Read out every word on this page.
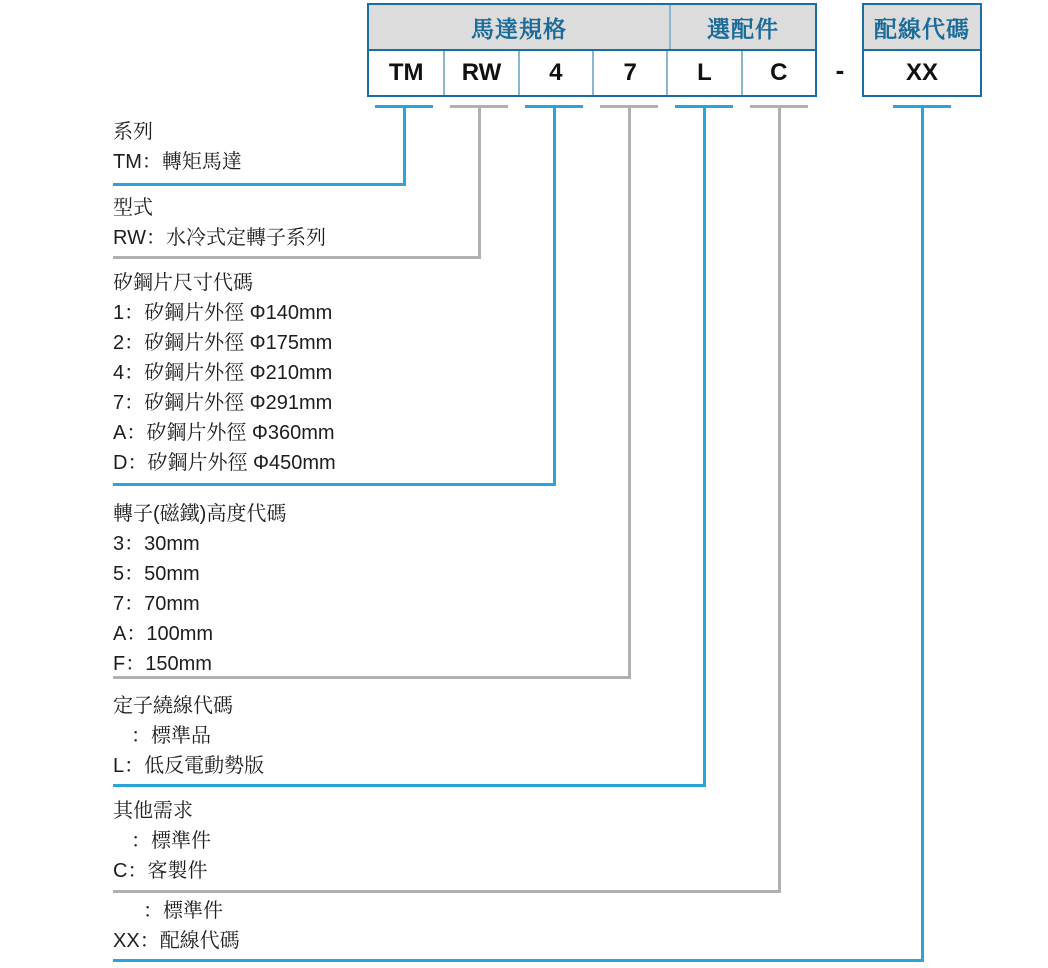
馬達規格	選配件
TM	RW	4	7	L	C	-
配線代碼
XX
系列
TM：轉矩馬達
型式
RW：水冷式定轉子系列
矽鋼片尺寸代碼
1：矽鋼片外徑 Φ140mm
2：矽鋼片外徑 Φ175mm
4：矽鋼片外徑 Φ210mm
7：矽鋼片外徑 Φ291mm
A：矽鋼片外徑 Φ360mm
D：矽鋼片外徑 Φ450mm
轉子(磁鐵)高度代碼
3：30mm
5：50mm
7：70mm
A：100mm
F：150mm
定子繞線代碼
：標準品
L：低反電動勢版
其他需求
：標準件
C：客製件
：標準件
XX：配線代碼
